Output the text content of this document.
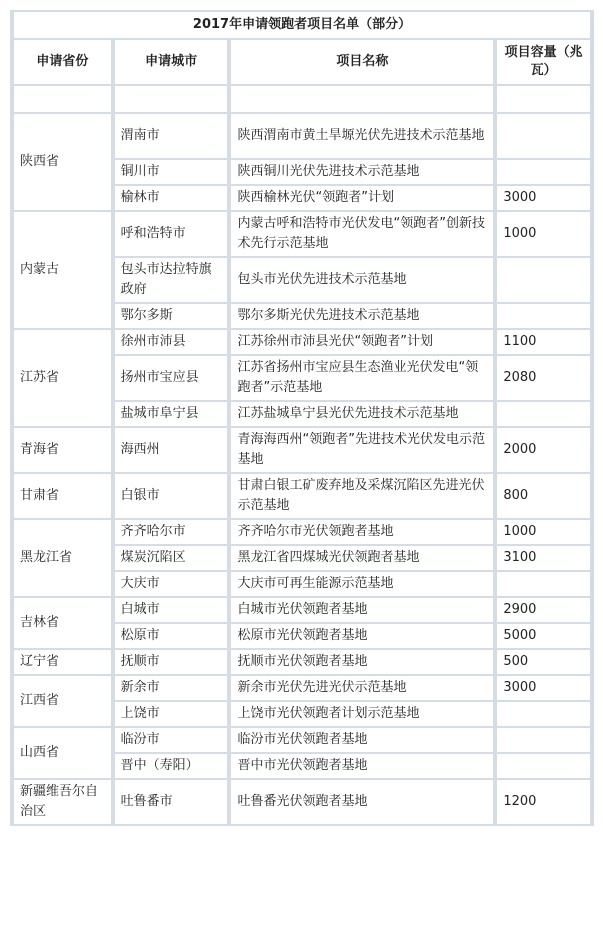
2017年申请领跑者项目名单（部分）			
申请省份	申请城市	项目名称	项目容量（兆瓦）

陕西省	渭南市	陕西渭南市黄土旱塬光伏先进技术示范基地	
	铜川市	陕西铜川光伏先进技术示范基地	
	榆林市	陕西榆林光伏“领跑者”计划	3000
内蒙古	呼和浩特市	内蒙古呼和浩特市光伏发电“领跑者”创新技术先行示范基地	1000
	包头市达拉特旗政府	包头市光伏先进技术示范基地	
	鄂尔多斯	鄂尔多斯光伏先进技术示范基地	
江苏省	徐州市沛县	江苏徐州市沛县光伏“领跑者”计划	1100
	扬州市宝应县	江苏省扬州市宝应县生态渔业光伏发电“领跑者”示范基地	2080
	盐城市阜宁县	江苏盐城阜宁县光伏先进技术示范基地	
青海省	海西州	青海海西州“领跑者”先进技术光伏发电示范基地	2000
甘肃省	白银市	甘肃白银工矿废弃地及采煤沉陷区先进光伏示范基地	800
黑龙江省	齐齐哈尔市	齐齐哈尔市光伏领跑者基地	1000
	煤炭沉陷区	黑龙江省四煤城光伏领跑者基地	3100
	大庆市	大庆市可再生能源示范基地	
吉林省	白城市	白城市光伏领跑者基地	2900
	松原市	松原市光伏领跑者基地	5000
辽宁省	抚顺市	抚顺市光伏领跑者基地	500
江西省	新余市	新余市光伏先进光伏示范基地	3000
	上饶市	上饶市光伏领跑者计划示范基地	
山西省	临汾市	临汾市光伏领跑者基地	
	晋中（寿阳）	晋中市光伏领跑者基地	
新疆维吾尔自治区	吐鲁番市	吐鲁番光伏领跑者基地	1200
